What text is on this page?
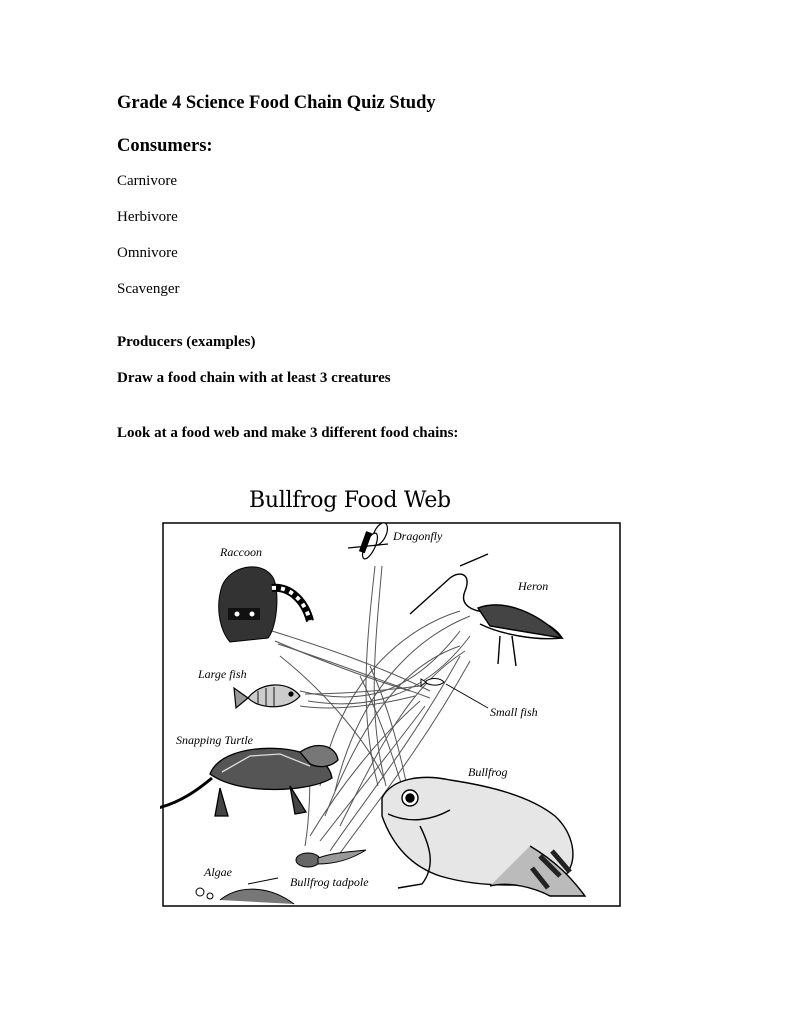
Grade 4 Science Food Chain Quiz Study
Consumers:
Carnivore
Herbivore
Omnivore
Scavenger
Producers (examples)
Draw a food chain with at least 3 creatures
Look at a food web and make 3 different food chains:
Bullfrog Food Web
Dragonfly
Raccoon
Heron
Large fish
Small fish
Snapping Turtle
Bullfrog
Algae
Bullfrog tadpole
